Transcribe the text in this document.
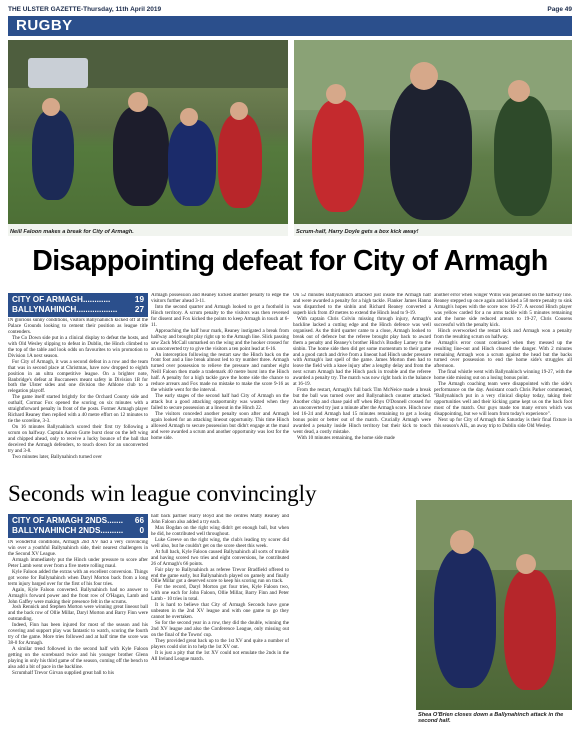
THE ULSTER GAZETTE-Thursday, 11th April 2019	Page 49
RUGBY
Neill Faloon makes a break for City of Armagh.	Scrum-half, Harry Doyle gets a box kick away!
Disappointing defeat for City of Armagh
CITY OF ARMAGH ............	19
BALLYNAHINCH ..................	27

IN glorious sunny conditions, visitors Ballynahinch kicked off at the Palace Grounds looking to cement their position as league title contenders.

The Co Down side put in a clinical display to defeat the hosts, and with Old Wesley slipping to defeat in Dublin, the Hinch climbed to the top of the table and look odds on favourites to win promotion to Division 1A next season.

For City of Armagh, it was a second defeat in a row and the team that was in second place at Christmas, have now dropped to eighth position in an ultra competitive league. On a brighter note, Banbridge's defeat at Buccaneers meant safety in Division 1B for both the Ulster sides and one division the Athlone club to a relegation playoff.

The game itself started brightly for the Orchard County side and outhalf, Cormac Fox opened the scoring on six minutes with a straightforward penalty in front of the posts. Former Armagh player Richard Reaney then replied with a 40 metre effort on 12 minutes to tie the scoreline, 3-3.

On 16 minutes Ballynahinch scored their first try following a scrum on halfway. Captain Aaron Gurre burst clear on the left wing and chipped ahead, only to receive a lucky bounce of the ball that deceived the Armagh defenders, to touch down for an unconverted try and 3-8.

Two minutes later, Ballynahinch turned over

Armagh possession and Reaney kicked another penalty to edge the visitors further ahead 3-11.

Into the second quarter and Armagh looked to get a foothold in Hinch territory. A scrum penalty to the visitors was then reversed for dissent and Fox kicked the points to keep Armagh in touch at 6-11.

Approaching the half hour mark, Reaney instigated a break from halfway and brought play right up to the Armagh line. Slick passing saw Zack McCall unmarked on the wing and the hooker crossed for an unconverted try to give the visitors a ten point lead at 6-16.

An interception following the restart saw the Hinch back on the front foot and a line break almost led to try number three. Armagh turned over possession to relieve the pressure and number eight Neill Faloon then made a trademark 40 metre burst into the Hinch half. A penalty for a high tackle gave the home side the chance to reduce arrears and Fox made no mistake to make the score 9-16 as the whistle went for the interval.

The early stages of the second half had City of Armagh on the attack but a good attacking opportunity was wasted when they failed to secure possession at a lineout in the Hinch 22.

The visitors conceded another penalty soon after and Armagh again looked for an attacking lineout opportunity. This time Hinch allowed Armagh to secure possession but didn't engage at the maul and were awarded a scrum and another opportunity was lost for the home side.

On 52 minutes Ballynahinch attacked just inside the Armagh half and were awarded a penalty for a high tackle. Flanker James Hanna was dispatched to the sinbin and Richard Reaney converted a superb kick from 49 metres to extend the Hinch lead to 9-19.

With captain Chris Colvin missing through injury, Armagh's backline lacked a cutting edge and the Hinch defence was well organised. As the third quarter came to a close, Armagh looked to break out of defence but the referee brought play back to award them a penalty and Reaney's brother Hinch's Bradley Lamey to the sinbin. The home side then did get some momentum to their game and a good catch and drive from a lineout had Hinch under pressure with Armagh's last spell of the game. James Morton then had to leave the field with a knee injury after a lengthy delay and from the next scrum Armagh had the Hinch pack in trouble and the referee awarded a penalty try. The match was now right back in the balance at 16-19.

From the restart, Armagh's full back Tim McNeice made a break but the ball was turned over and Ballynahinch counter attacked. Another chip and chase paid off when Rhys O'Donnell crossed for an unconverted try just a minute after the Armagh score. Hinch now led 16-24 and Armagh had 15 minutes remaining to get a losing bonus point or better out of the match. Crucially Armagh were awarded a penalty inside Hinch territory but their kick to touch went dead, a costly mistake.

With 10 minutes remaining, the home side made

another error when winger Willis was penalised on the halfway line. Reaney stepped up once again and kicked a 50 metre penalty to sink Armagh's hopes with the score now 16-27. A second Hinch player was yellow carded for a no arms tackle with 5 minutes remaining and the home side reduced arrears to 19-27, Chris Cousens successful with the penalty kick.

Hinch overworked the restart kick and Armagh won a penalty from the resulting scrum on halfway.

Armagh's error count continued when they messed up the resulting line-out and Hinch cleared the danger. With 2 minutes remaining Armagh won a scrum against the head but the backs turned over possession to end the home side's struggles all afternoon.

The final whistle went with Ballynahinch winning 19-27, with the home side missing out on a losing bonus point.

The Armagh coaching team were disappointed with the side's performance on the day. Assistant coach Chris Parker commented, "Ballynahinch put in a very clinical display today, taking their opportunities well and their kicking game kept us on the back foot most of the match. Our guys made too many errors which was disappointing, but we will learn from today's experience".

Next up for City of Armagh this Saturday is their final fixture in this season's AIL, an away trip to Dublin side Old Wesley.

Seconds win league convincingly
CITY OF ARMAGH 2NDS .......	66
BALLYNAHINCH 2NDS ..........	0

IN wonderful conditions, Armagh 2nd XV had a very convincing win over a youthful Ballynahinch side, their nearest challengers in the Second XV League.

Armagh immediately put the Hinch under pressure to score after Peter Lamb went over from a five metre rolling maul.

Kyle Faloon added the extras with an excellent conversion. Things got worse for Ballynahinch when Daryl Morton back from a long term injury barged over for the first of his four tries.

Again, Kyle Faloon converted. Ballynahinch had no answer to Armagh's forward power and the front row of O'Hagan, Lamb and John Gaffey were making their presence felt in the scrums.

Josh Rennick and Stephen Morton were winning great lineout ball and the back row of Ollie Millar, Daryl Morton and Barry Finn were outstanding.

Indeed, Finn has been injured for most of the season and his covering and support play was fantastic to watch, scoring the fourth try of the game. More tries followed and at half time the score was 38-0 for Armagh.

A similar trend followed in the second half with Kyle Faloon getting on the scoreboard twice and his younger brother Glenn playing in only his third game of the season, coming off the bench to also add a bit of pace in the backline.

Scrumhalf Trevor Girvan supplied great ball to his

half back partner Harry Boyd and the centres Matty Reaney and John Faloon also added a try each.

Max Bogdan on the right wing didn't get enough ball, but when he did, he contributed well throughout.

Luke Greeve on the right wing, the club's leading try scorer did well also, but he couldn't get on the score sheet this week.

At full back, Kyle Faloon caused Ballynahinch all sorts of trouble and having scored two tries and eight conversions, he contributed 26 of Armagh's 66 points.

Fair play to Ballynahinch as referee Trevor Bradfield offered to end the game early, but Ballynahinch played on gamely and finally Ollie Millar got a deserved score to keep his scoring run on track.

For the record, Daryl Morton got four tries, Kyle Faloon two, with one each for John Faloon, Ollie Millar, Barry Finn and Peter Lamb - 10 tries in total.

It is hard to believe that City of Armagh Seconds have gone unbeaten in the 2nd XV league and with one game to go they cannot be overtaken.

So for the second year in a row, they did the double, winning the 2nd XV league and also the Conference League, only missing out on the final of the Towns' cup.

They provided great back up to the 1st XV and quite a number of players could slot in to help the 1st XV out.

It is just a pity that the 1st XV could not emulate the 2nds in the All Ireland League match.

Shea O'Brien closes down a Ballynahinch attack in the second half.
